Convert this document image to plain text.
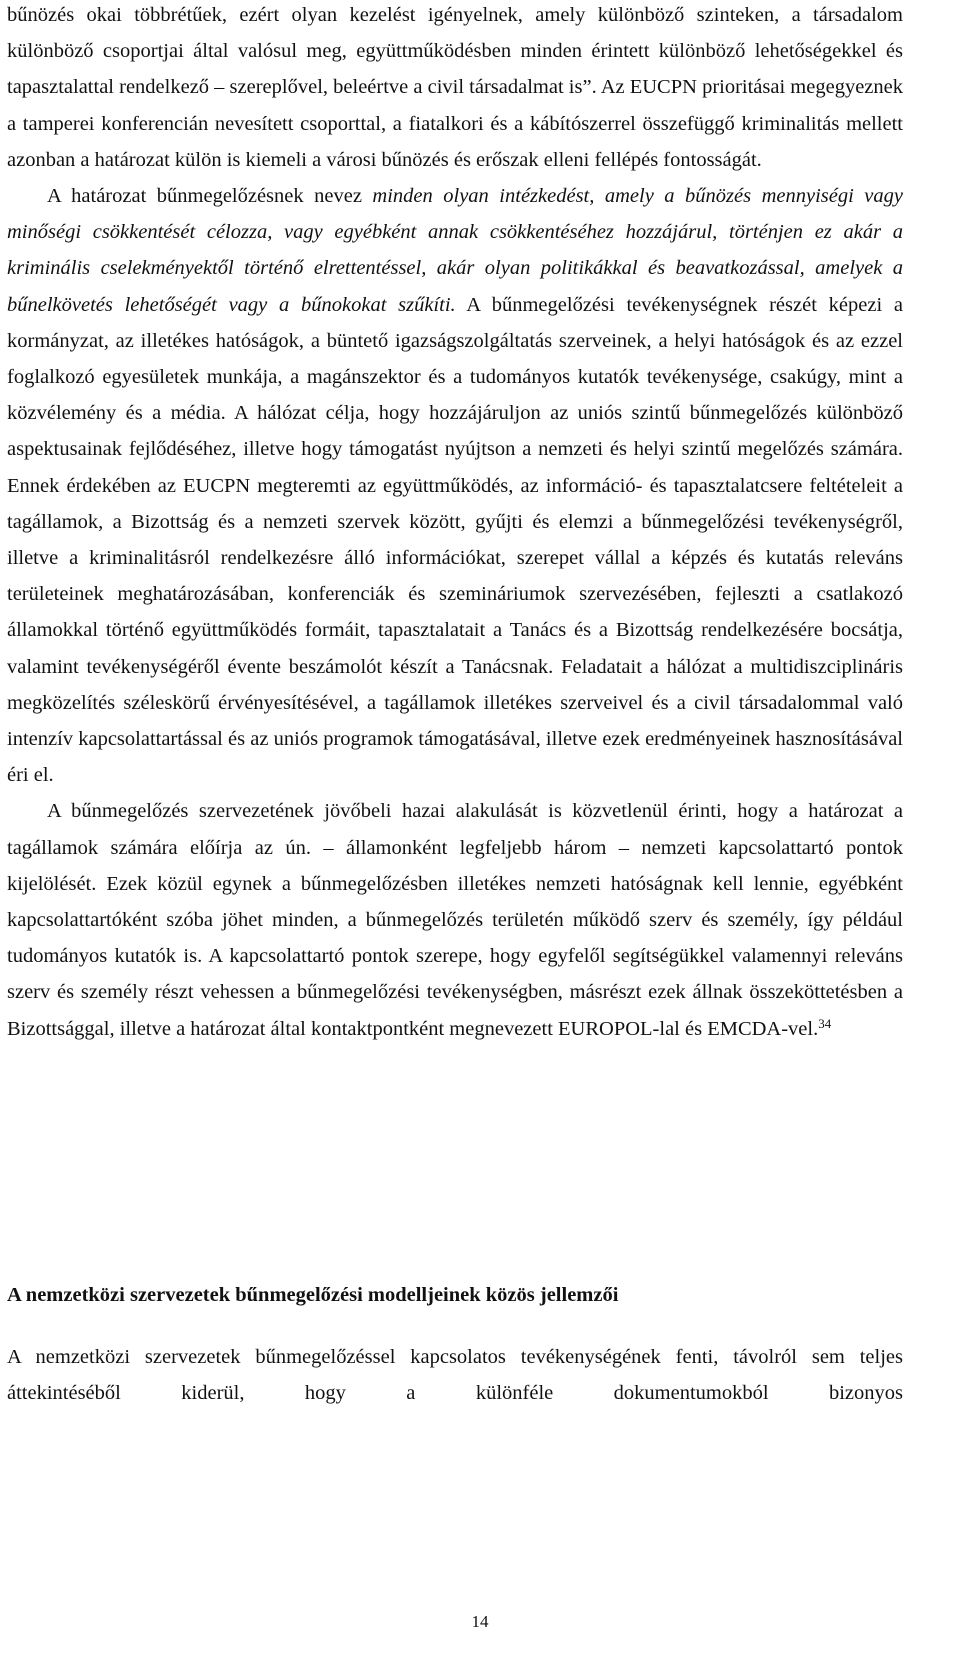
bűnözés okai többrétűek, ezért olyan kezelést igényelnek, amely különböző szinteken, a társadalom különböző csoportjai által valósul meg, együttműködésben minden érintett különböző lehetőségekkel és tapasztalattal rendelkező – szereplővel, beleértve a civil társadalmat is”. Az EUCPN prioritásai megegyeznek a tamperei konferencián nevesített csoporttal, a fiatalkori és a kábítószerrel összefüggő kriminalitás mellett azonban a határozat külön is kiemeli a városi bűnözés és erőszak elleni fellépés fontosságát.

A határozat bűnmegelőzésnek nevez minden olyan intézkedést, amely a bűnözés mennyiségi vagy minőségi csökkentését célozza, vagy egyébként annak csökkentéséhez hozzájárul, történjen ez akár a kriminális cselekményektől történő elrettentéssel, akár olyan politikákkal és beavatkozással, amelyek a bűnelkövetés lehetőségét vagy a bűnokokat szűkíti. A bűnmegelőzési tevékenységnek részét képezi a kormányzat, az illetékes hatóságok, a büntető igazságszolgáltatás szerveinek, a helyi hatóságok és az ezzel foglalkozó egyesületek munkája, a magánszektor és a tudományos kutatók tevékenysége, csakúgy, mint a közvélemény és a média. A hálózat célja, hogy hozzájáruljon az uniós szintű bűnmegelőzés különböző aspektusainak fejlődéséhez, illetve hogy támogatást nyújtson a nemzeti és helyi szintű megelőzés számára. Ennek érdekében az EUCPN megteremti az együttműködés, az információ- és tapasztalatcsere feltételeit a tagállamok, a Bizottság és a nemzeti szervek között, gyűjti és elemzi a bűnmegelőzési tevékenységről, illetve a kriminalitásról rendelkezésre álló információkat, szerepet vállal a képzés és kutatás releváns területeinek meghatározásában, konferenciák és szemináriumok szervezésében, fejleszti a csatlakozó államokkal történő együttműködés formáit, tapasztalatait a Tanács és a Bizottság rendelkezésére bocsátja, valamint tevékenységéről évente beszámolót készít a Tanácsnak. Feladatait a hálózat a multidiszciplináris megközelítés széleskörű érvényesítésével, a tagállamok illetékes szerveivel és a civil társadalommal való intenzív kapcsolattartással és az uniós programok támogatásával, illetve ezek eredményeinek hasznosításával éri el.

A bűnmegelőzés szervezetének jövőbeli hazai alakulását is közvetlenül érinti, hogy a határozat a tagállamok számára előírja az ún. – államonként legfeljebb három – nemzeti kapcsolattartó pontok kijelölését. Ezek közül egynek a bűnmegelőzésben illetékes nemzeti hatóságnak kell lennie, egyébként kapcsolattartóként szóba jöhet minden, a bűnmegelőzés területén működő szerv és személy, így például tudományos kutatók is. A kapcsolattartó pontok szerepe, hogy egyfelől segítségükkel valamennyi releváns szerv és személy részt vehessen a bűnmegelőzési tevékenységben, másrészt ezek állnak összeköttetésben a Bizottsággal, illetve a határozat által kontaktpontként megnevezett EUROPOL-lal és EMCDA-vel.$^{34}$

A nemzetközi szervezetek bűnmegelőzési modelljeinek közös jellemzői

A nemzetközi szervezetek bűnmegelőzéssel kapcsolatos tevékenységének fenti, távolról sem teljes áttekintéséből kiderül, hogy a különféle dokumentumokból bizonyos

14
